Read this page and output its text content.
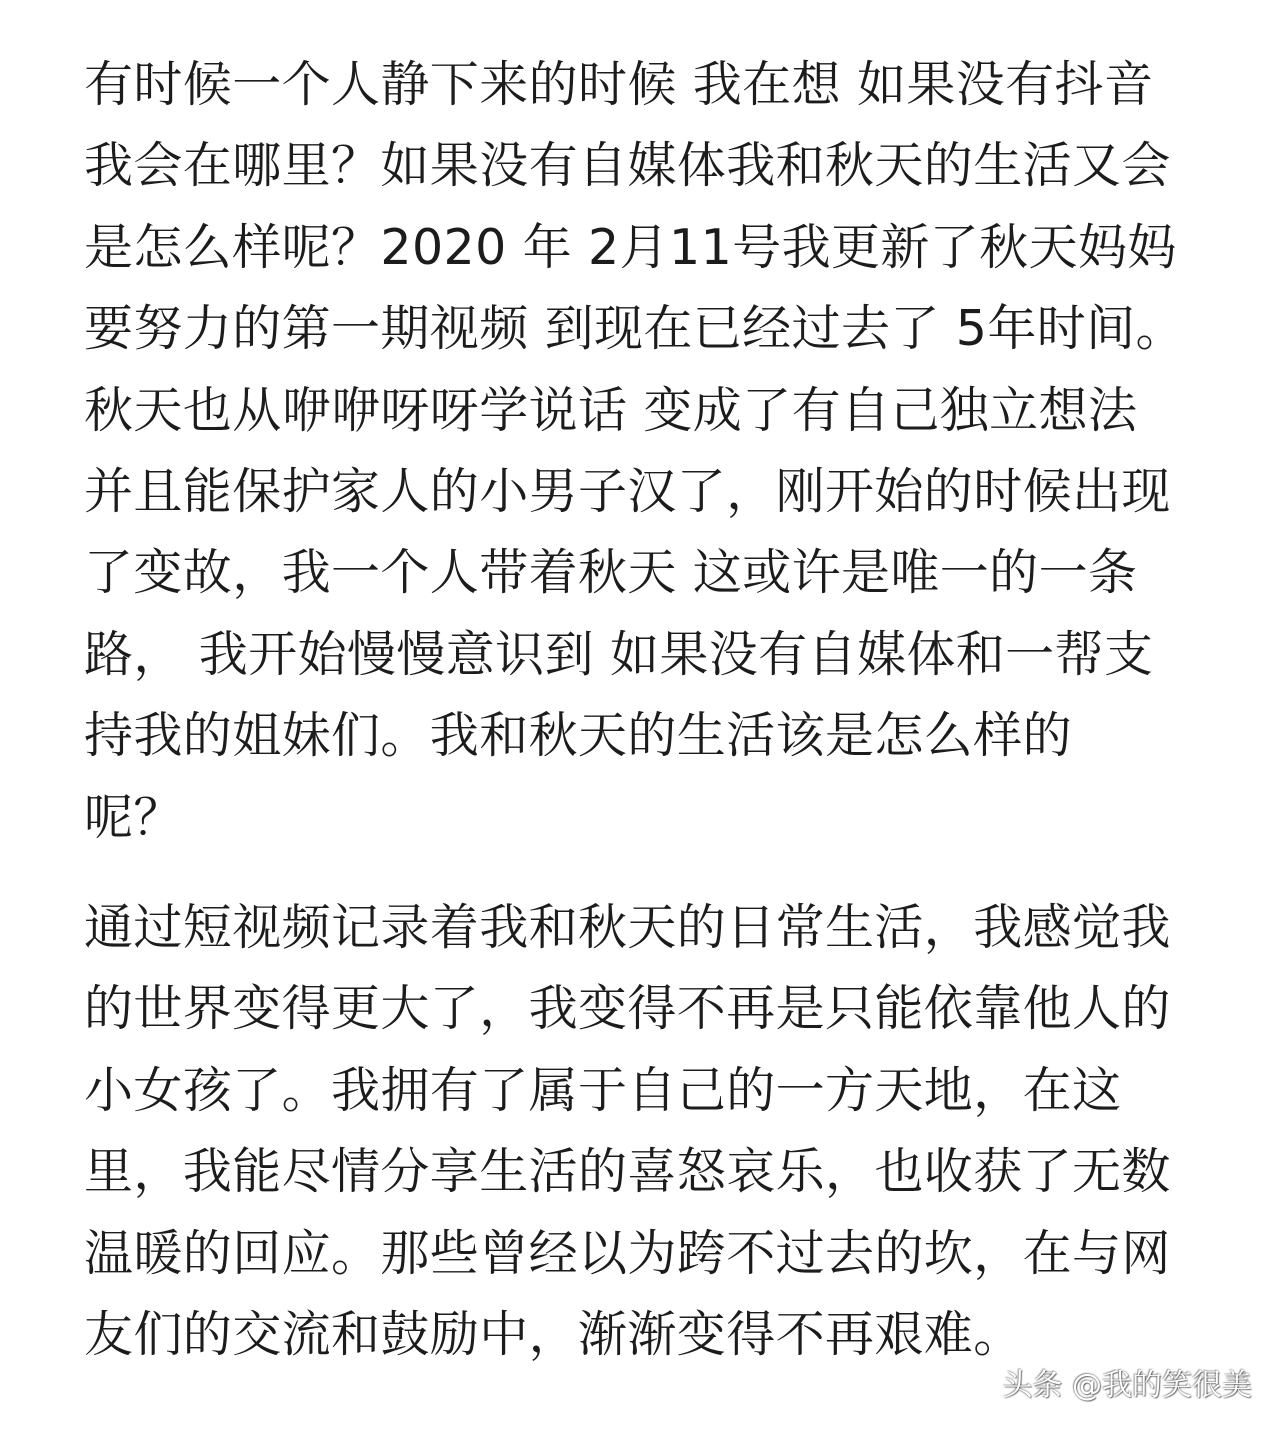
有时候一个人静下来的时候 我在想 如果没有抖音
我会在哪里？如果没有自媒体我和秋天的生活又会
是怎么样呢？2020 年 2月11号我更新了秋天妈妈
要努力的第一期视频 到现在已经过去了 5年时间。
秋天也从咿咿呀呀学说话 变成了有自己独立想法
并且能保护家人的小男子汉了，刚开始的时候出现
了变故，我一个人带着秋天 这或许是唯一的一条
路， 我开始慢慢意识到 如果没有自媒体和一帮支
持我的姐妹们。我和秋天的生活该是怎么样的
呢？
通过短视频记录着我和秋天的日常生活，我感觉我
的世界变得更大了，我变得不再是只能依靠他人的
小女孩了。我拥有了属于自己的一方天地，在这
里，我能尽情分享生活的喜怒哀乐，也收获了无数
温暖的回应。那些曾经以为跨不过去的坎，在与网
友们的交流和鼓励中，渐渐变得不再艰难。
头条 @我的笑很美
